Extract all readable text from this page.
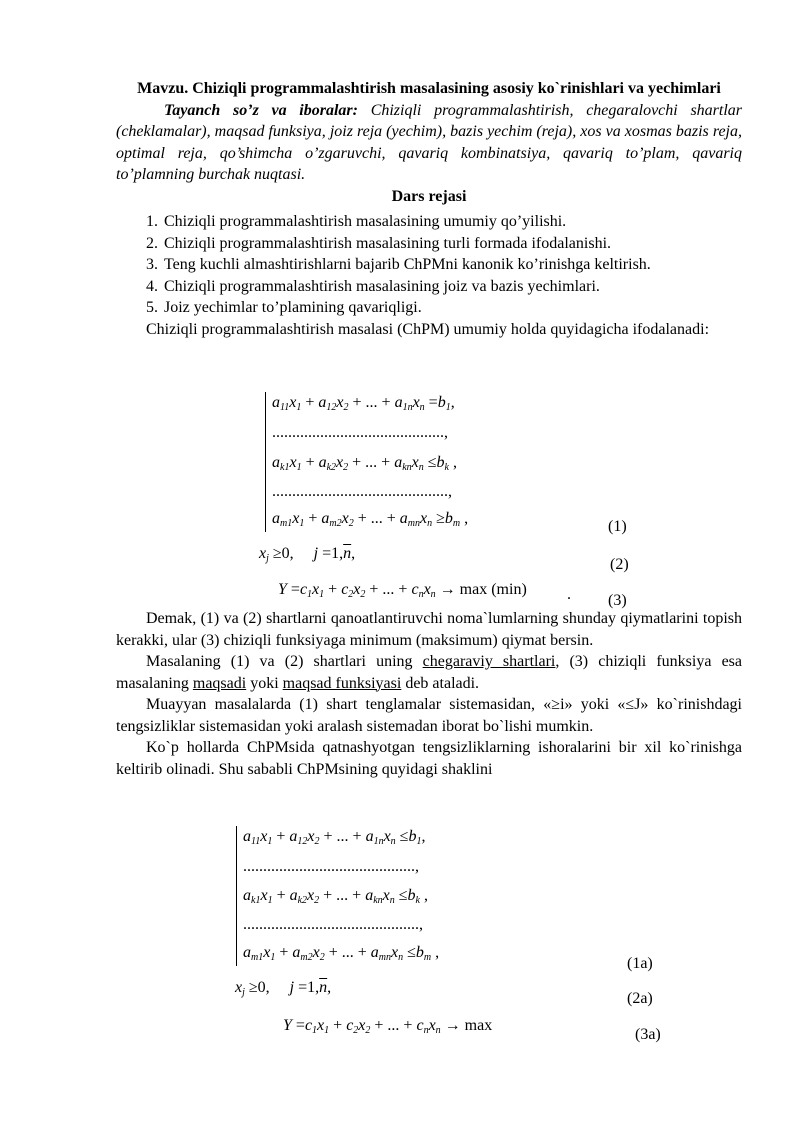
Mavzu. Chiziqli programmalashtirish masalasining asosiy ko`rinishlari va yechimlari

Tayanch so’z va iboralar: Chiziqli programmalashtirish, chegaralovchi shartlar (cheklamalar), maqsad funksiya, joiz reja (yechim), bazis yechim (reja), xos va xosmas bazis reja, optimal reja, qo’shimcha o’zgaruvchi, qavariq kombinatsiya, qavariq to’plam, qavariq to’plamning burchak nuqtasi.

Dars rejasi

1. Chiziqli programmalashtirish masalasining umumiy qo’yilishi.
2. Chiziqli programmalashtirish masalasining turli formada ifodalanishi.
3. Teng kuchli almashtirishlarni bajarib ChPMni kanonik ko’rinishga keltirish.
4. Chiziqli programmalashtirish masalasining joiz va bazis yechimlari.
5. Joiz yechimlar to’plamining qavariqligi.

Chiziqli programmalashtirish masalasi (ChPM) umumiy holda quyidagicha ifodalanadi:

$a_{11}x_1 + a_{12}x_2$ + ... + $a_{1n}x_n =b_1$,
...........................................,
$a_{k1}x_1 + a_{k2}x_2$ + ... + $a_{kn}x_n \le b_k$ ,
............................................,
$a_{m1}x_1 + a_{m2}x_2$ + ... + $a_{mn}x_n \ge b_m$ ,	(1)
$x_j \ge 0$,     $j =1,\overline{n}$,
(2)
$Y =c_1x_1 + c_2x_2$ + ... + $c_nx_n \to \max (\min)$	. (3)

Demak, (1) va (2) shartlarni qanoatlantiruvchi noma`lumlarning shunday qiymatlarini topish kerakki, ular (3) chiziqli funksiyaga minimum (maksimum) qiymat bersin.

Masalaning (1) va (2) shartlari uning chegaraviy shartlari, (3) chiziqli funksiya esa masalaning maqsadi yoki maqsad funksiyasi deb ataladi.

Muayyan masalalarda (1) shart tenglamalar sistemasidan, «≥i» yoki «≤J» ko`rinishdagi tengsizliklar sistemasidan yoki aralash sistemadan iborat bo`lishi mumkin.

Ko`p hollarda ChPMsida qatnashyotgan tengsizliklarning ishoralarini bir xil ko`rinishga keltirib olinadi. Shu sababli ChPMsining quyidagi shaklini

$a_{11}x_1 + a_{12}x_2$ + ... + $a_{1n}x_n \le b_1$,
...........................................,
$a_{k1}x_1 + a_{k2}x_2$ + ... + $a_{kn}x_n \le b_k$ ,
............................................,
$a_{m1}x_1 + a_{m2}x_2$ + ... + $a_{mn}x_n \le b_m$ ,
(1a)
$x_j \ge 0$,     $j =1,\overline{n}$,
(2a)
$Y =c_1x_1 + c_2x_2$ + ... + $c_nx_n \to \max$
(3a)
